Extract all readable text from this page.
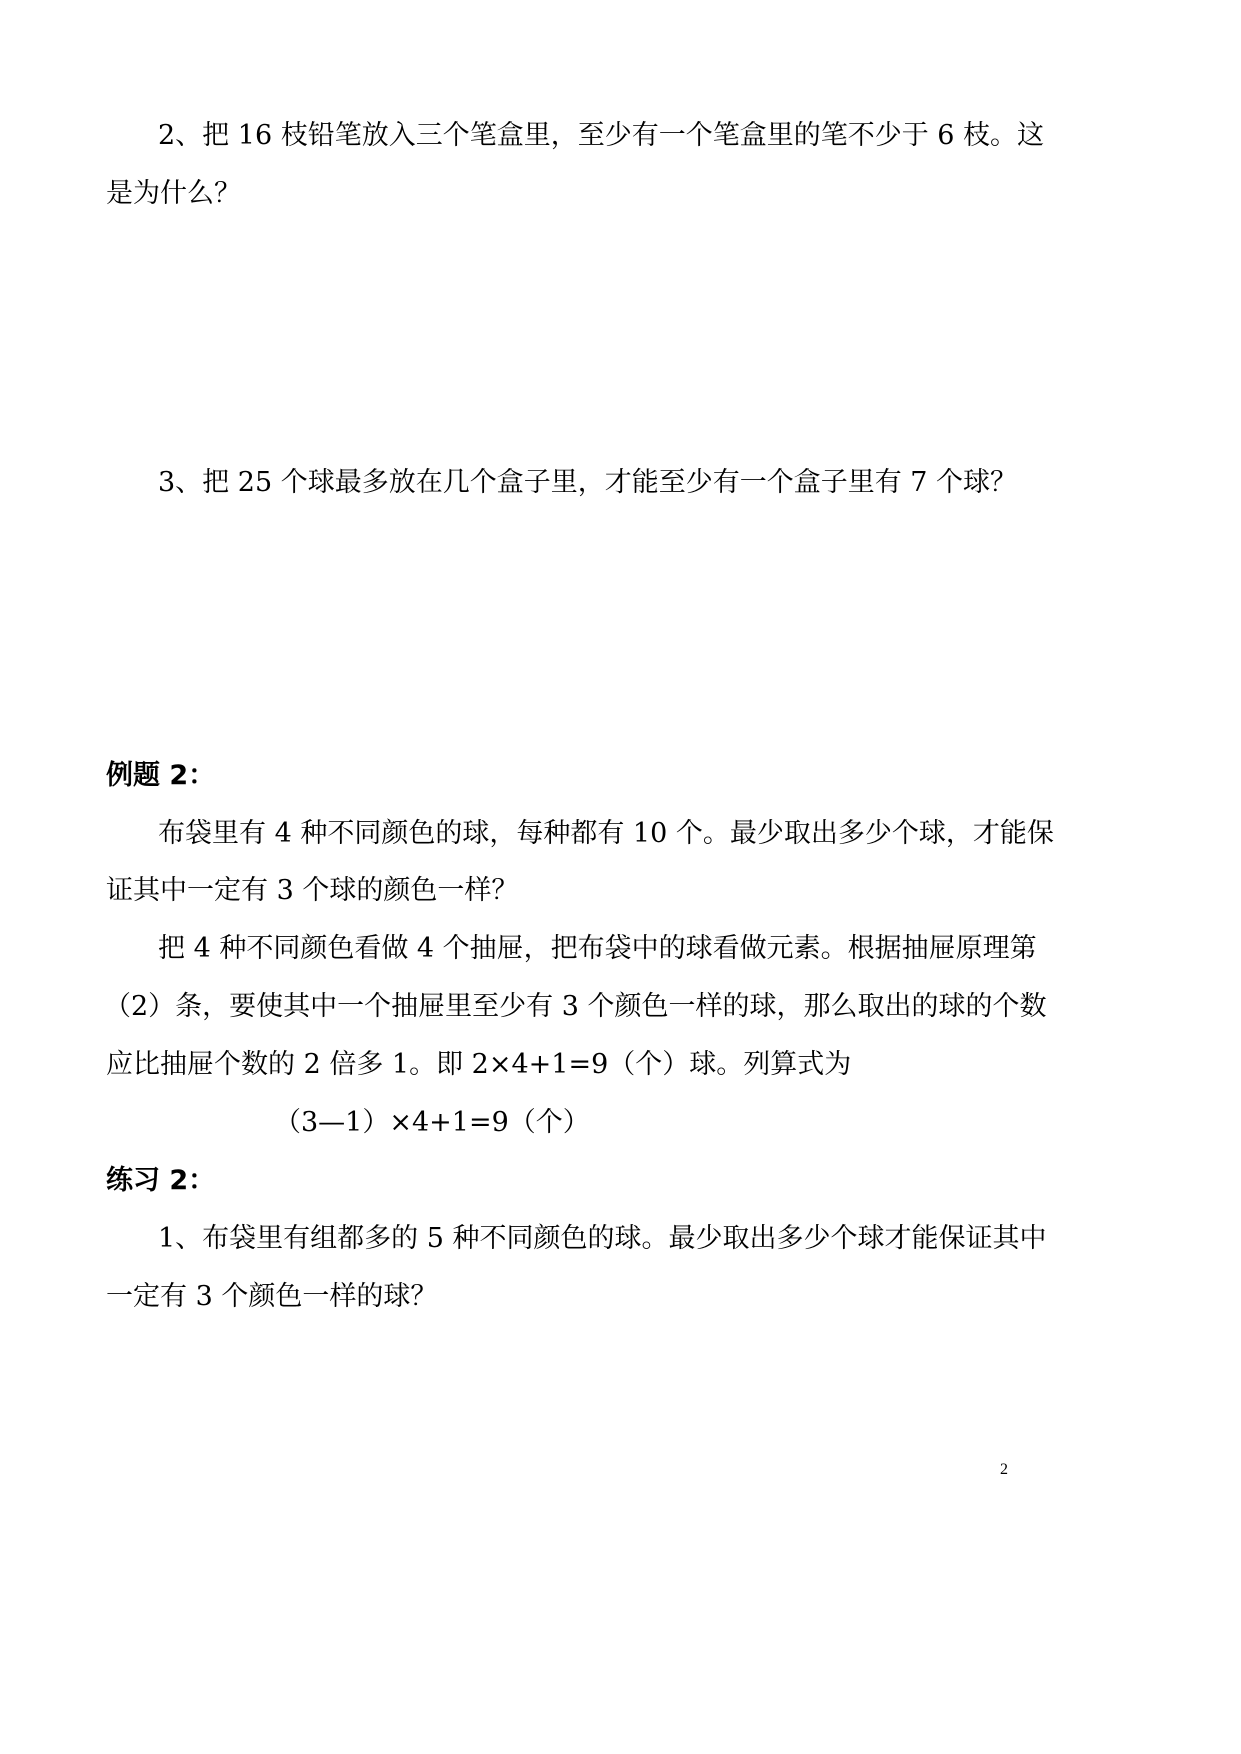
2、把 16 枝铅笔放入三个笔盒里，至少有一个笔盒里的笔不少于 6 枝。这
是为什么？
3、把 25 个球最多放在几个盒子里，才能至少有一个盒子里有 7 个球？
例题 2：
布袋里有 4 种不同颜色的球，每种都有 10 个。最少取出多少个球，才能保
证其中一定有 3 个球的颜色一样？
把 4 种不同颜色看做 4 个抽屉，把布袋中的球看做元素。根据抽屉原理第
（2）条，要使其中一个抽屉里至少有 3 个颜色一样的球，那么取出的球的个数
应比抽屉个数的 2 倍多 1。即 2×4+1=9（个）球。列算式为
（3—1）×4+1=9（个）
练习 2：
1、布袋里有组都多的 5 种不同颜色的球。最少取出多少个球才能保证其中
一定有 3 个颜色一样的球？
2
